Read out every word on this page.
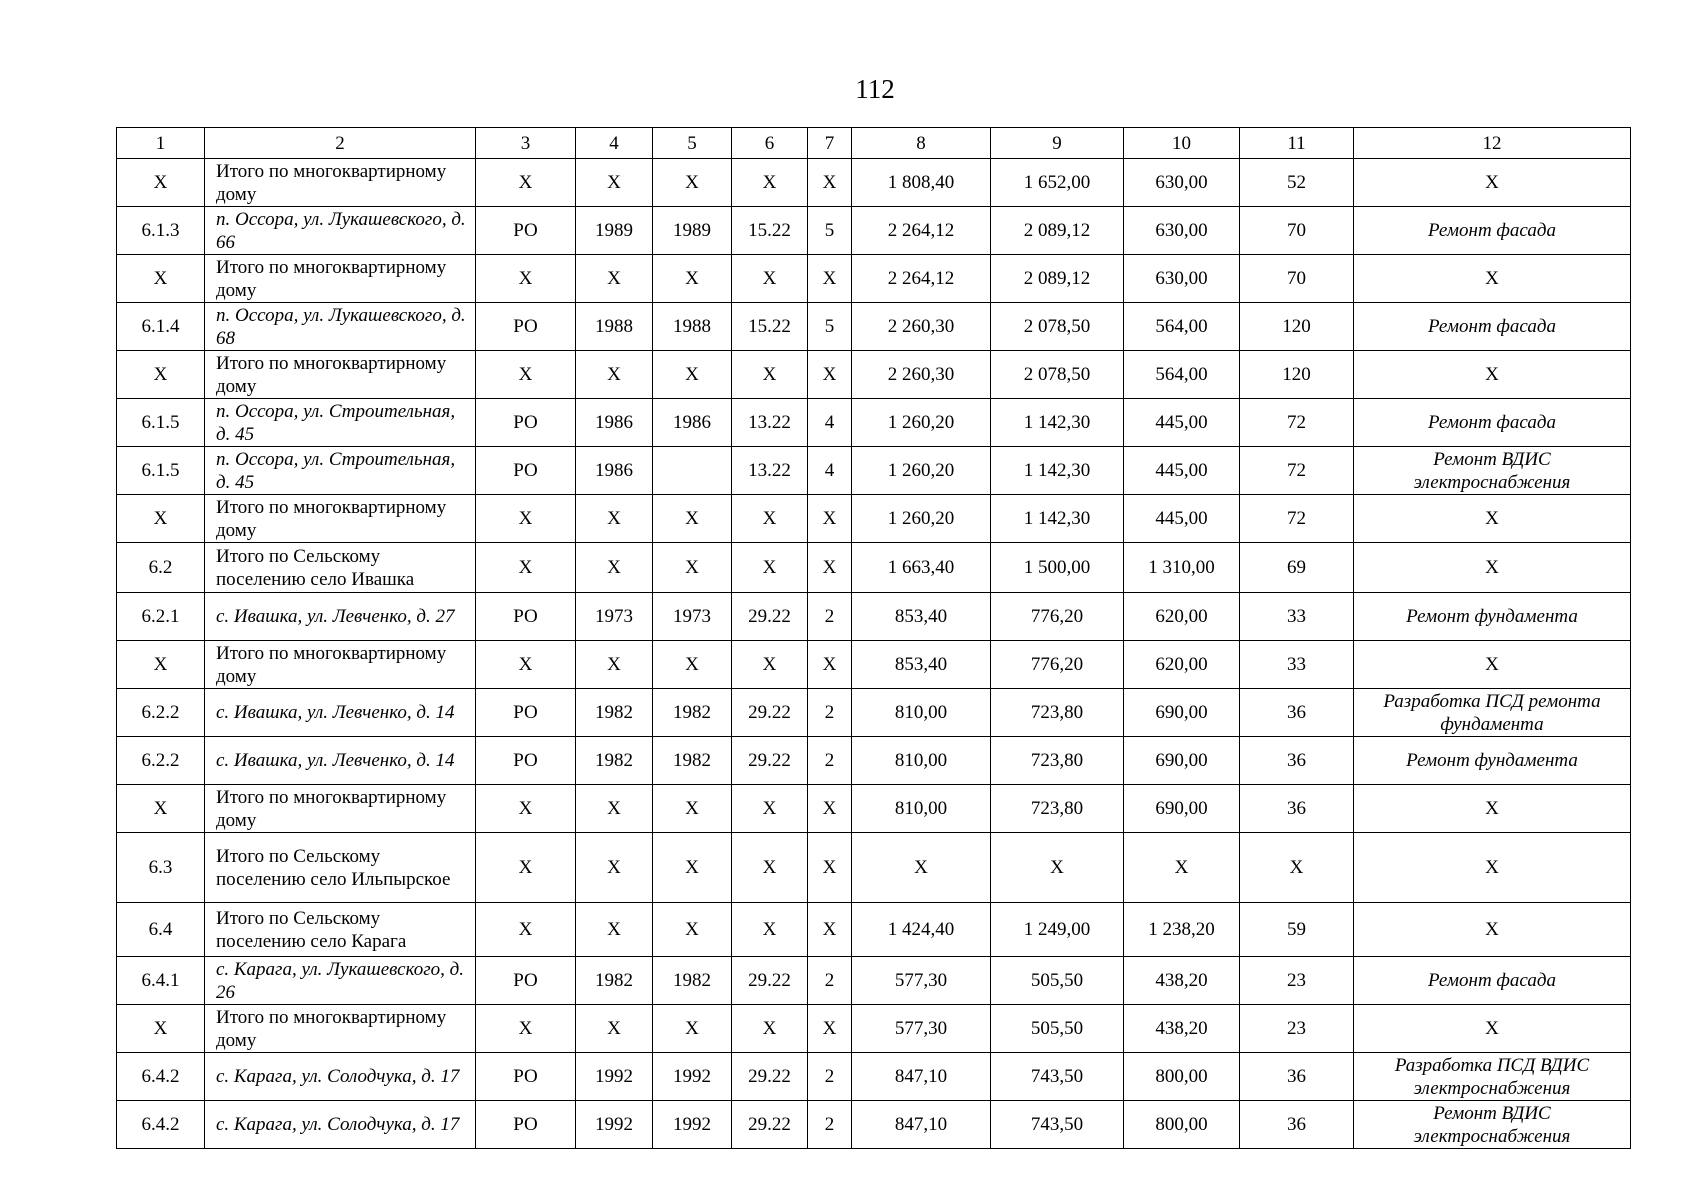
112
1	2	3	4	5	6	7	8	9	10	11	12
X	Итого по многоквартирному дому	X	X	X	X	X	1 808,40	1 652,00	630,00	52	X
6.1.3	п. Оссора, ул. Лукашевского, д. 66	РО	1989	1989	15.22	5	2 264,12	2 089,12	630,00	70	Ремонт фасада
X	Итого по многоквартирному дому	X	X	X	X	X	2 264,12	2 089,12	630,00	70	X
6.1.4	п. Оссора, ул. Лукашевского, д. 68	РО	1988	1988	15.22	5	2 260,30	2 078,50	564,00	120	Ремонт фасада
X	Итого по многоквартирному дому	X	X	X	X	X	2 260,30	2 078,50	564,00	120	X
6.1.5	п. Оссора, ул. Строительная, д. 45	РО	1986	1986	13.22	4	1 260,20	1 142,30	445,00	72	Ремонт фасада
6.1.5	п. Оссора, ул. Строительная, д. 45	РО	1986		13.22	4	1 260,20	1 142,30	445,00	72	Ремонт ВДИС электроснабжения
X	Итого по многоквартирному дому	X	X	X	X	X	1 260,20	1 142,30	445,00	72	X
6.2	Итого по Сельскому поселению село Ивашка	X	X	X	X	X	1 663,40	1 500,00	1 310,00	69	X
6.2.1	с. Ивашка, ул. Левченко, д. 27	РО	1973	1973	29.22	2	853,40	776,20	620,00	33	Ремонт фундамента
X	Итого по многоквартирному дому	X	X	X	X	X	853,40	776,20	620,00	33	X
6.2.2	с. Ивашка, ул. Левченко, д. 14	РО	1982	1982	29.22	2	810,00	723,80	690,00	36	Разработка ПСД ремонта фундамента
6.2.2	с. Ивашка, ул. Левченко, д. 14	РО	1982	1982	29.22	2	810,00	723,80	690,00	36	Ремонт фундамента
X	Итого по многоквартирному дому	X	X	X	X	X	810,00	723,80	690,00	36	X
6.3	Итого по Сельскому поселению село Ильпырское	X	X	X	X	X	X	X	X	X	X
6.4	Итого по Сельскому поселению село Карага	X	X	X	X	X	1 424,40	1 249,00	1 238,20	59	X
6.4.1	с. Карага, ул. Лукашевского, д. 26	РО	1982	1982	29.22	2	577,30	505,50	438,20	23	Ремонт фасада
X	Итого по многоквартирному дому	X	X	X	X	X	577,30	505,50	438,20	23	X
6.4.2	с. Карага, ул. Солодчука, д. 17	РО	1992	1992	29.22	2	847,10	743,50	800,00	36	Разработка ПСД ВДИС электроснабжения
6.4.2	с. Карага, ул. Солодчука, д. 17	РО	1992	1992	29.22	2	847,10	743,50	800,00	36	Ремонт ВДИС электроснабжения
